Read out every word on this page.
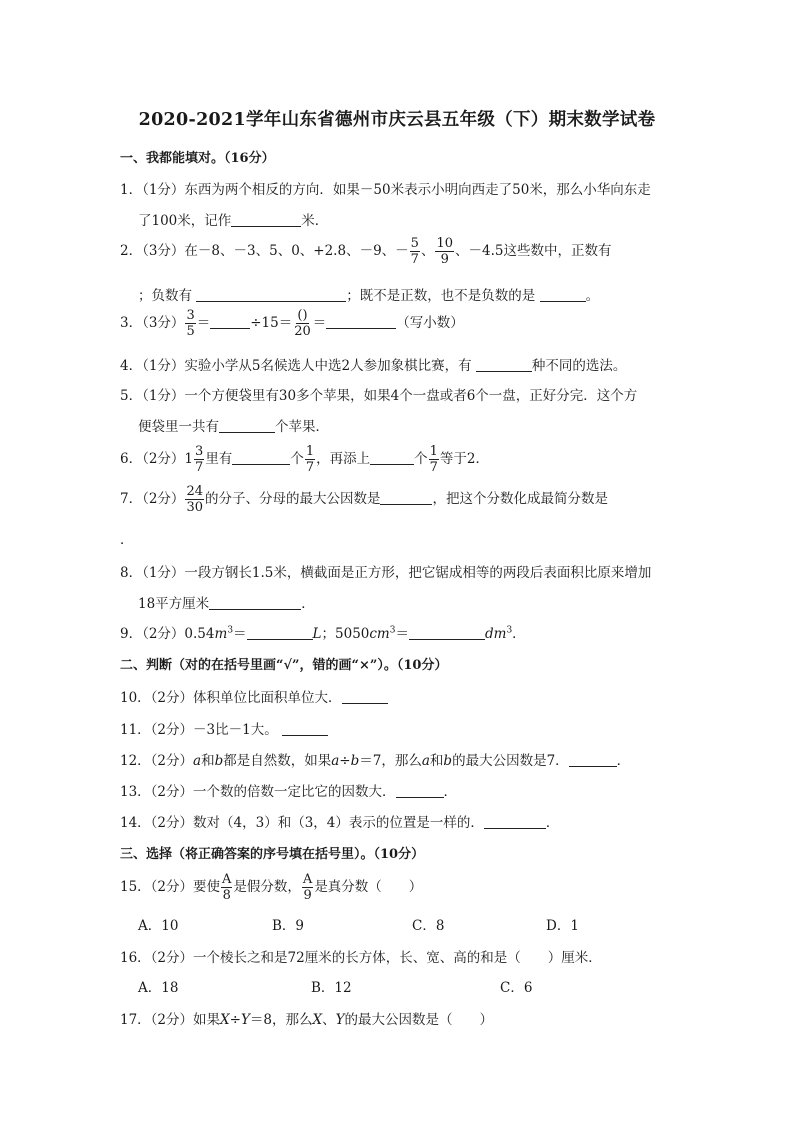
2020-2021学年山东省德州市庆云县五年级（下）期末数学试卷
一、我都能填对。（16分）
1．（1分）东西为两个相反的方向．如果－50米表示小明向西走了50米，那么小华向东走
了100米，记作	米．
2．（3分）在－8、－3、5、0、+2.8、－9、－ $\frac{5}{7}$ 、 $\frac{10}{9}$ 、－4.5这些数中，正数有
；负数有	；既不是正数，也不是负数的是	。
3．（3分） $\frac{3}{5}$ ＝	$\div 15= \frac{()}{20}$ ＝	（写小数）
4．（1分）实验小学从5名候选人中选2人参加象棋比赛，有	种不同的选法。
5．（1分）一个方便袋里有30多个苹果，如果4个一盘或者6个一盘，正好分完．这个方
便袋里一共有	个苹果．
6．（2分）$1 \frac{3}{7}$ 里有	个 $\frac{1}{7}$ ，再添上	个 $\frac{1}{7}$ 等于2．
7．（2分） $\frac{24}{30}$ 的分子、分母的最大公因数是	，把这个分数化成最简分数是
．
8．（1分）一段方钢长1.5米，横截面是正方形，把它锯成相等的两段后表面积比原来增加
18平方厘米	．
9．（2分）$0.54m^3=$	L；$5050cm^3=$	$dm^3$．
二、判断（对的在括号里画“√”，错的画“×”）。（10分）
10．（2分）体积单位比面积单位大．
11．（2分）－3比－1大。
12．（2分）a和b都是自然数，如果a÷b＝7，那么a和b的最大公因数是7．	．
13．（2分）一个数的倍数一定比它的因数大．	．
14．（2分）数对（4，3）和（3，4）表示的位置是一样的．	．
三、选择（将正确答案的序号填在括号里）。（10分）
15．（2分）要使 $\frac{A}{8}$ 是假分数， $\frac{A}{9}$ 是真分数（　　）
A．10	B．9	C．8	D．1
16．（2分）一个棱长之和是72厘米的长方体，长、宽、高的和是（　　）厘米．
A．18	B．12	C．6
17．（2分）如果X÷Y＝8，那么X、Y的最大公因数是（　　）
